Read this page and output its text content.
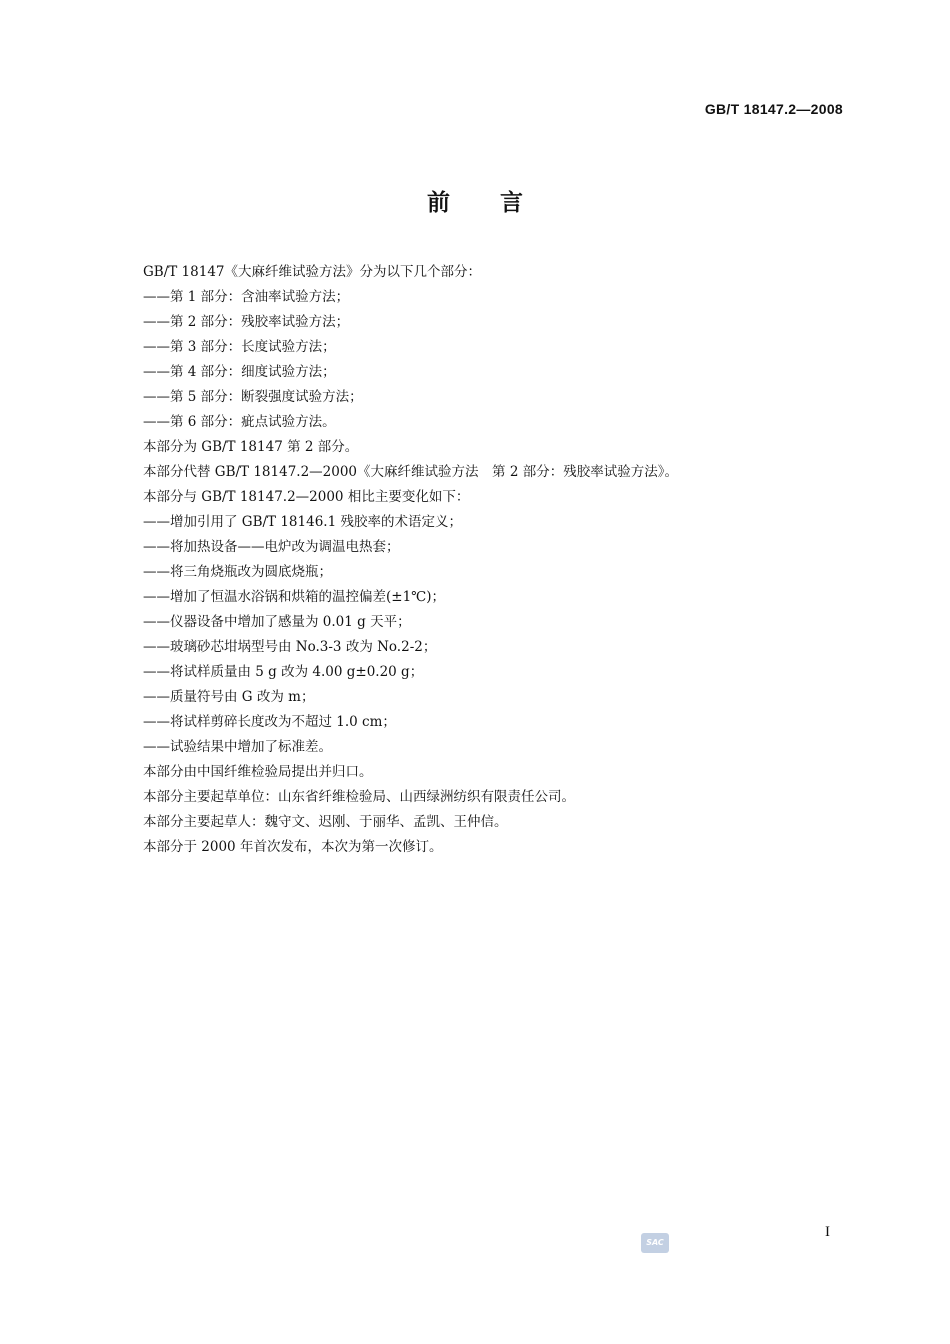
GB/T 18147.2—2008
前言
GB/T 18147《大麻纤维试验方法》分为以下几个部分：
——第 1 部分：含油率试验方法；
——第 2 部分：残胶率试验方法；
——第 3 部分：长度试验方法；
——第 4 部分：细度试验方法；
——第 5 部分：断裂强度试验方法；
——第 6 部分：疵点试验方法。
本部分为 GB/T 18147 第 2 部分。
本部分代替 GB/T 18147.2—2000《大麻纤维试验方法　第 2 部分：残胶率试验方法》。
本部分与 GB/T 18147.2—2000 相比主要变化如下：
——增加引用了 GB/T 18146.1 残胶率的术语定义；
——将加热设备——电炉改为调温电热套；
——将三角烧瓶改为圆底烧瓶；
——增加了恒温水浴锅和烘箱的温控偏差(±1℃)；
——仪器设备中增加了感量为 0.01 g 天平；
——玻璃砂芯坩埚型号由 No.3-3 改为 No.2-2；
——将试样质量由 5 g 改为 4.00 g±0.20 g；
——质量符号由 G 改为 m；
——将试样剪碎长度改为不超过 1.0 cm；
——试验结果中增加了标准差。
本部分由中国纤维检验局提出并归口。
本部分主要起草单位：山东省纤维检验局、山西绿洲纺织有限责任公司。
本部分主要起草人：魏守文、迟刚、于丽华、孟凯、王仲信。
本部分于 2000 年首次发布，本次为第一次修订。
SAC
I
